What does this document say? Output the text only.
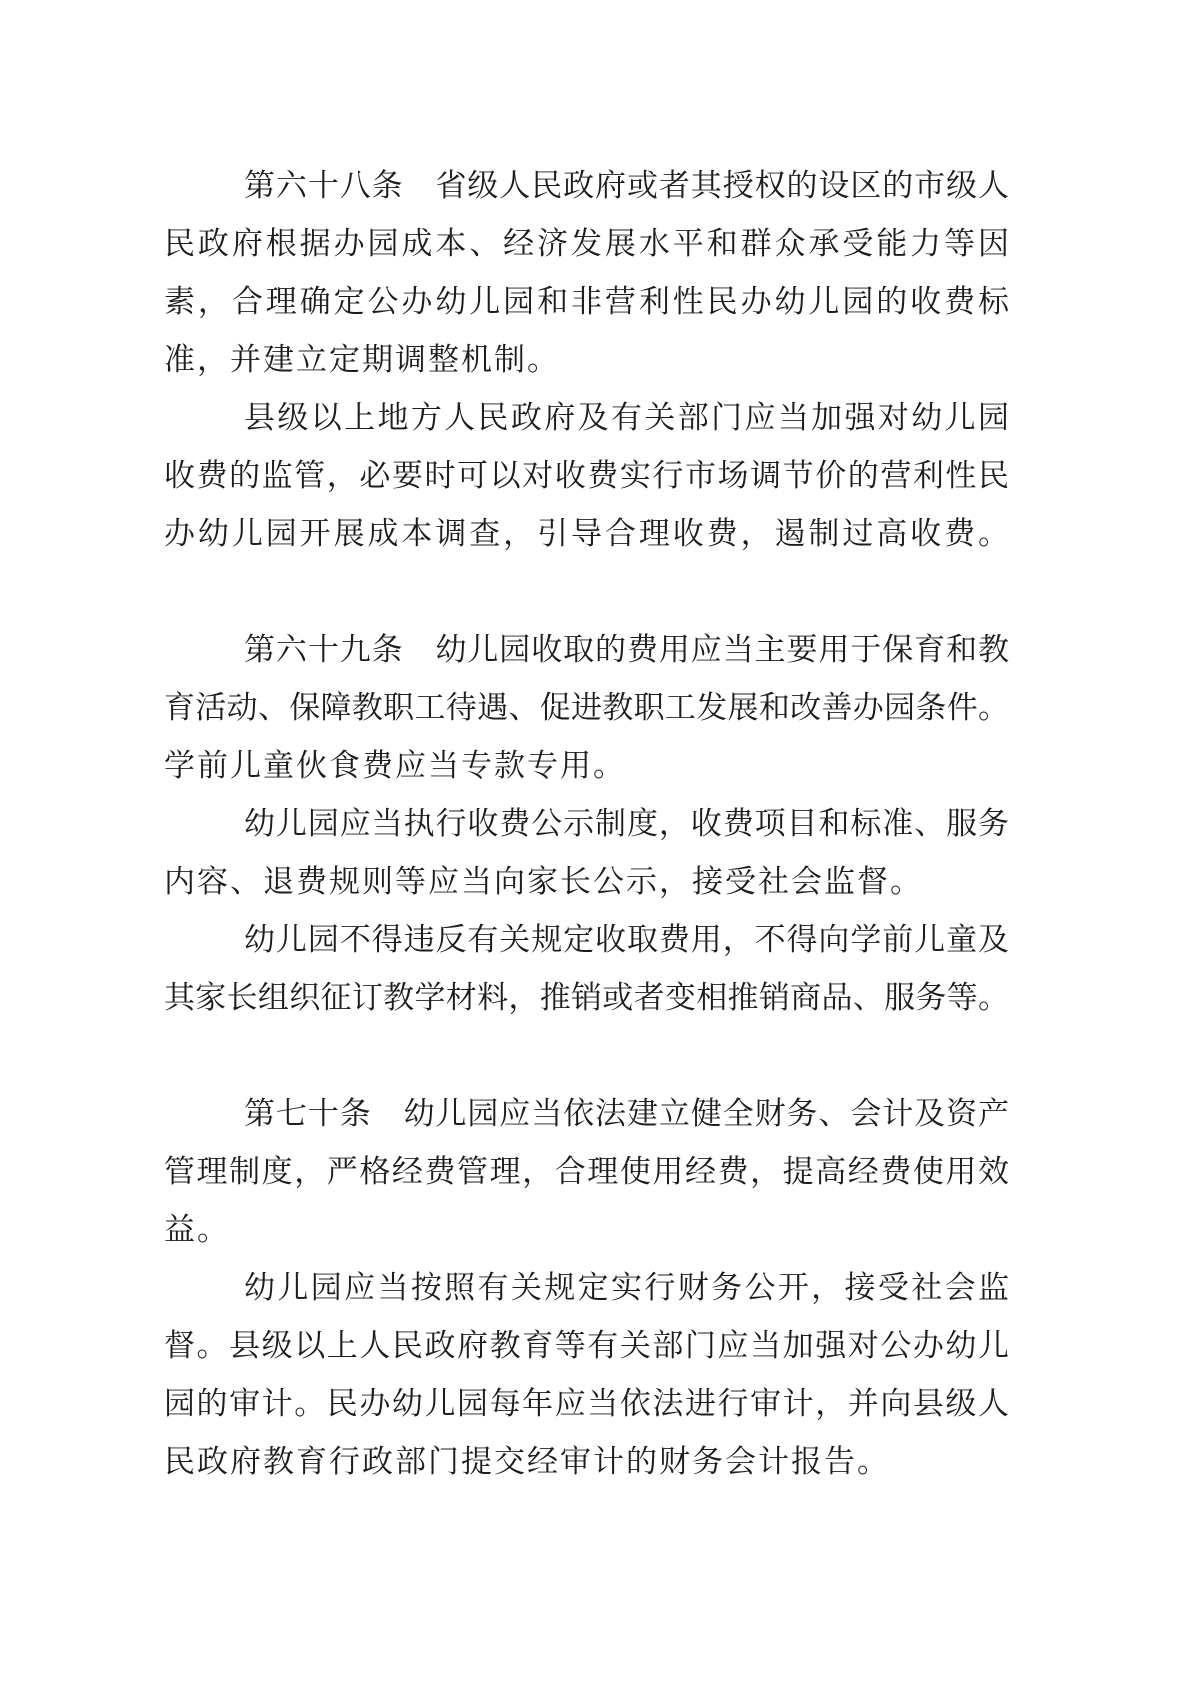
第六十八条　省级人民政府或者其授权的设区的市级人
民政府根据办园成本、经济发展水平和群众承受能力等因
素，合理确定公办幼儿园和非营利性民办幼儿园的收费标
准，并建立定期调整机制。
县级以上地方人民政府及有关部门应当加强对幼儿园
收费的监管，必要时可以对收费实行市场调节价的营利性民
办幼儿园开展成本调查，引导合理收费，遏制过高收费。
第六十九条　幼儿园收取的费用应当主要用于保育和教
育活动、保障教职工待遇、促进教职工发展和改善办园条件。
学前儿童伙食费应当专款专用。
幼儿园应当执行收费公示制度，收费项目和标准、服务
内容、退费规则等应当向家长公示，接受社会监督。
幼儿园不得违反有关规定收取费用，不得向学前儿童及
其家长组织征订教学材料，推销或者变相推销商品、服务等。
第七十条　幼儿园应当依法建立健全财务、会计及资产
管理制度，严格经费管理，合理使用经费，提高经费使用效
益。
幼儿园应当按照有关规定实行财务公开，接受社会监
督。县级以上人民政府教育等有关部门应当加强对公办幼儿
园的审计。民办幼儿园每年应当依法进行审计，并向县级人
民政府教育行政部门提交经审计的财务会计报告。
